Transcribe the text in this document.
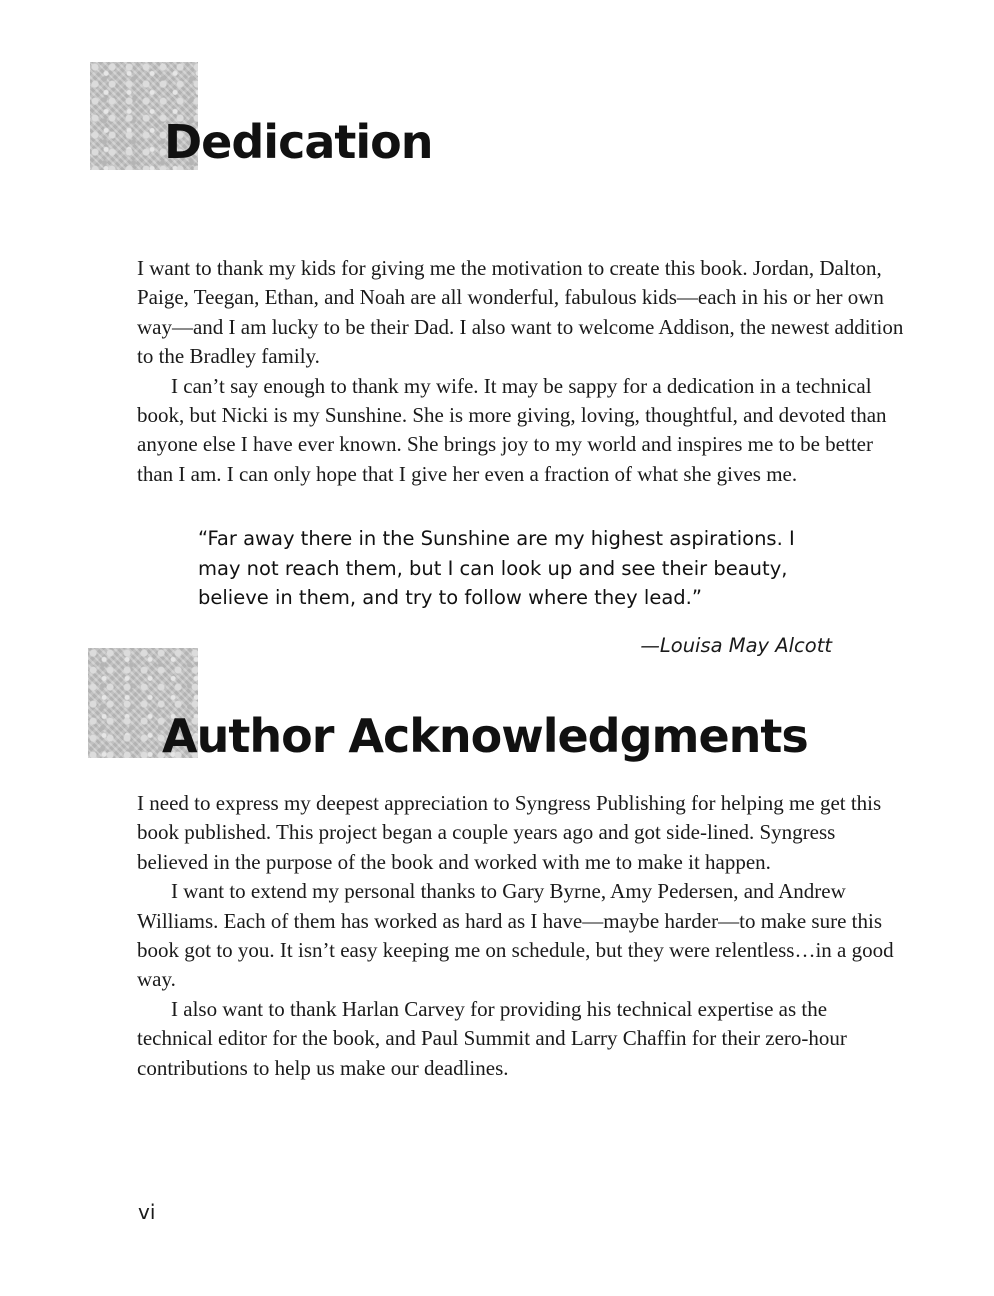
Dedication

I want to thank my kids for giving me the motivation to create this book. Jordan, Dalton, Paige, Teegan, Ethan, and Noah are all wonderful, fabulous kids—each in his or her own way—and I am lucky to be their Dad. I also want to welcome Addison, the newest addition to the Bradley family.

I can’t say enough to thank my wife. It may be sappy for a dedication in a technical book, but Nicki is my Sunshine. She is more giving, loving, thoughtful, and devoted than anyone else I have ever known. She brings joy to my world and inspires me to be better than I am. I can only hope that I give her even a fraction of what she gives me.

“Far away there in the Sunshine are my highest aspirations. I may not reach them, but I can look up and see their beauty, believe in them, and try to follow where they lead.”

—Louisa May Alcott
Author Acknowledgments

I need to express my deepest appreciation to Syngress Publishing for helping me get this book published. This project began a couple years ago and got side-lined. Syngress believed in the purpose of the book and worked with me to make it happen.

I want to extend my personal thanks to Gary Byrne, Amy Pedersen, and Andrew Williams. Each of them has worked as hard as I have—maybe harder—to make sure this book got to you. It isn’t easy keeping me on schedule, but they were relentless…in a good way.

I also want to thank Harlan Carvey for providing his technical expertise as the technical editor for the book, and Paul Summit and Larry Chaffin for their zero-hour contributions to help us make our deadlines.

vi
